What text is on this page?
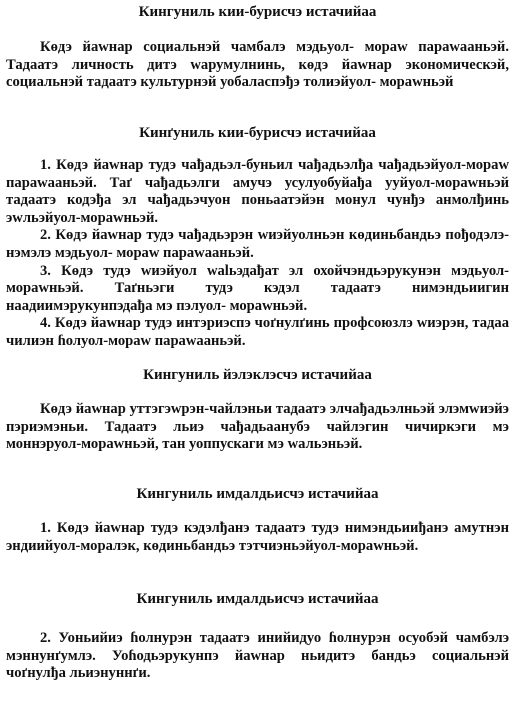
Кингуниль кии-бурисчэ истачийаа

Кɵдэ йаwнар социальнэй чамбалэ мэдьуол- мораw парawааньэй. Тадаатэ личность дитэ wарумулнинь, кɵдэ йаwнар экономическэй, социальнэй тадаатэ культурнэй уобаласпэђэ толиэйуол- мораwньэй

Кинґуниль кии-бурисчэ истачийаа

1. Кɵдэ йаwнар тудэ чађадьэл-буньил чађадьэлђа чађадьэйуол-мораw парawааньэй. Таґ чађадьэлги амучэ усулуобуйађа ууйуол-мораwньэй тадаатэ кодэђа эл чађадьэчуон поньаатэйэн монул чунђэ анмолђинь эwльэйуол-мораwньэй.

2. Кɵдэ йаwнар тудэ чађадьэрэн wиэйуолньэн кɵдиньбандьэ пођодэлэ-нэмэлэ мэдьуол- мораw парawааньэй.

3. Кɵдэ тудэ wиэйуол walьэдађат эл охойчэндьэрукунэн мэдьуол-мораwньэй. Таґньэги тудэ кэдэл тадаатэ нимэндьиигин наадиимэрукунпэдађа мэ пэлуол- мораwньэй.

4. Кɵдэ йаwнар тудэ интэриэспэ чоґнулґинь профсоюзлэ wиэрэн, тадаа чилиэн ɦолуол-мораw парawааньэй.

Кингуниль йэлэклэсчэ истачийаа

Кɵдэ йаwнар уттэгэwрэн-чайлэньи тадаатэ элчађадьэлньэй элэмwиэйэ пэриэмэньи. Тадаатэ льиэ чађадьаанубэ чайлэгин чичиркэги мэ моннэруол-мораwньэй, тан уоппускаги мэ wальэньэй.

Кингуниль имдалдьисчэ истачийаа

1. Кɵдэ йаwнар тудэ кэдэлђанэ тадаатэ тудэ нимэндьииђанэ амутнэн эндиийуол-моралэк, кɵдиньбандьэ тэтчиэньэйуол-мораwньэй.

Кингуниль имдалдьисчэ истачийаа

2. Уоньийиэ ɦолнурэн тадаатэ инийидуо ɦолнурэн осуобэй чамбэлэ мэннунґумлэ. Уоɦодьэрукунпэ йаwнар ньидитэ бандьэ социальнэй чоґнулђа льиэнуннґи.
